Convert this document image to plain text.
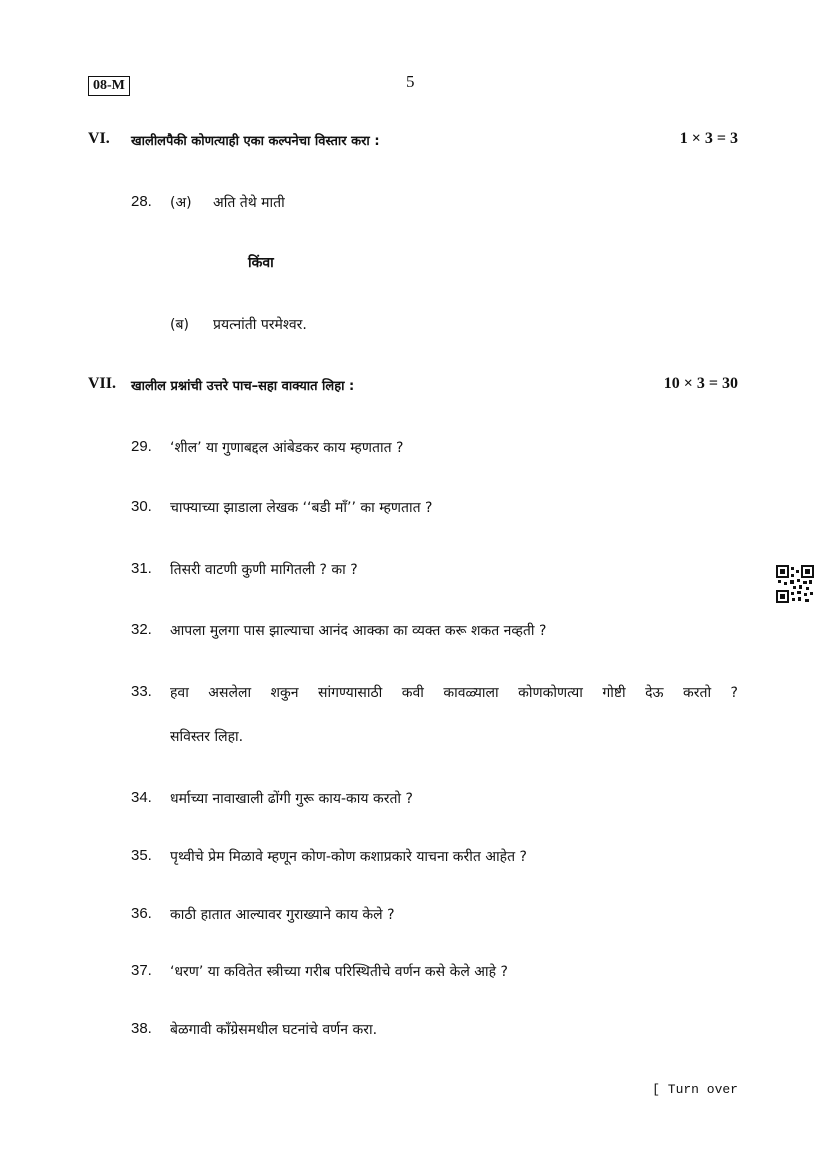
08-M	5
VI. खालीलपैकी कोणत्याही एका कल्पनेचा विस्तार करा :	1 × 3 = 3
28. (अ) अति तेथे माती
किंवा
(ब) प्रयत्नांती परमेश्वर.
VII. खालील प्रश्नांची उत्तरे पाच–सहा वाक्यात लिहा :	10 × 3 = 30
29. ‘शील’ या गुणाबद्दल आंबेडकर काय म्हणतात ?
30. चाफ्याच्या झाडाला लेखक ‘‘बडी माँ’’ का म्हणतात ?
31. तिसरी वाटणी कुणी मागितली ? का ?
32. आपला मुलगा पास झाल्याचा आनंद आक्का का व्यक्त करू शकत नव्हती ?
33. हवा असलेला शकुन सांगण्यासाठी कवी कावळ्याला कोणकोणत्या गोष्टी देऊ करतो ?
सविस्तर लिहा.
34. धर्माच्या नावाखाली ढोंगी गुरू काय-काय करतो ?
35. पृथ्वीचे प्रेम मिळावे म्हणून कोण-कोण कशाप्रकारे याचना करीत आहेत ?
36. काठी हातात आल्यावर गुराख्याने काय केले ?
37. ‘धरण’ या कवितेत स्त्रीच्या गरीब परिस्थितीचे वर्णन कसे केले आहे ?
38. बेळगावी काँग्रेसमधील घटनांचे वर्णन करा.
[ Turn over
